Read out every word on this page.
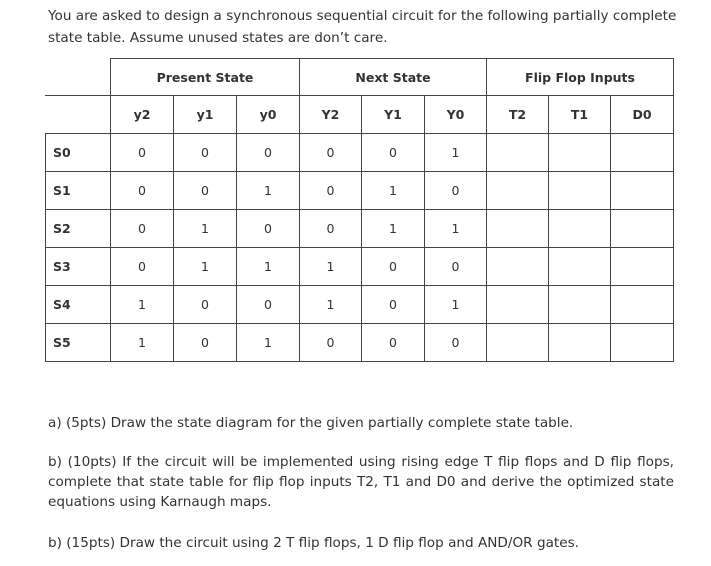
You are asked to design a synchronous sequential circuit for the following partially complete state table. Assume unused states are don’t care.

	Present State			Next State			Flip Flop Inputs		
	y2	y1	y0	Y2	Y1	Y0	T2	T1	D0
S0	0	0	0	0	0	1			
S1	0	0	1	0	1	0			
S2	0	1	0	0	1	1			
S3	0	1	1	1	0	0			
S4	1	0	0	1	0	1			
S5	1	0	1	0	0	0			

a) (5pts) Draw the state diagram for the given partially complete state table.

b) (10pts) If the circuit will be implemented using rising edge T flip flops and D flip flops, complete that state table for flip flop inputs T2, T1 and D0 and derive the optimized state equations using Karnaugh maps.

b) (15pts) Draw the circuit using 2 T flip flops, 1 D flip flop and AND/OR gates.
